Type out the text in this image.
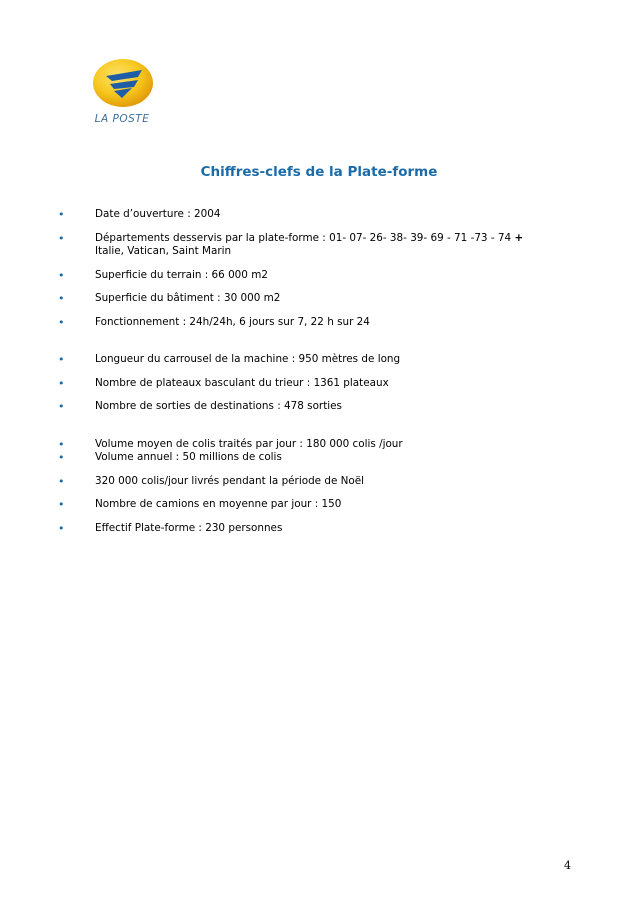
LA POSTE
Chiffres-clefs de la Plate-forme
•	Date d’ouverture : 2004
•	Départements desservis par la plate-forme : 01- 07- 26- 38- 39- 69 - 71 -73 - 74 +
Italie, Vatican, Saint Marin
•	Superficie du terrain : 66 000 m2
•	Superficie du bâtiment : 30 000 m2
•	Fonctionnement : 24h/24h, 6 jours sur 7, 22 h sur 24
•	Longueur du carrousel de la machine : 950 mètres de long
•	Nombre de plateaux basculant du trieur : 1361 plateaux
•	Nombre de sorties de destinations : 478 sorties
•	Volume moyen de colis traités par jour : 180 000 colis /jour
•	Volume annuel : 50 millions de colis
•	320 000 colis/jour livrés pendant la période de Noël
•	Nombre de camions en moyenne par jour : 150
•	Effectif Plate-forme : 230 personnes
4
